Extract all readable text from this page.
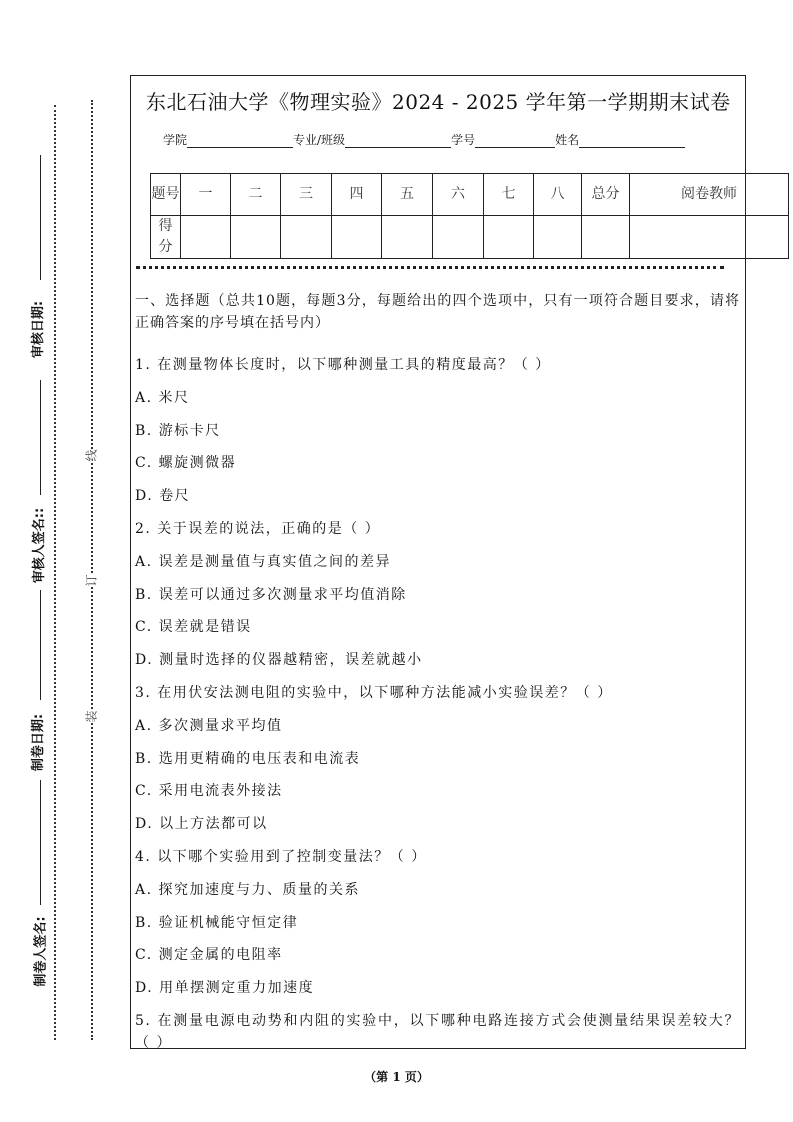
审核日期:
审核人签名::
制卷日期:
制卷人签名:
线
订
装
东北石油大学《物理实验》2024 - 2025 学年第一学期期末试卷
学院	专业/班级	学号	姓名
题号	一	二	三	四	五	六	七	八	总分	阅卷教师
得分										
一、选择题（总共10题，每题3分，每题给出的四个选项中，只有一项符合题目要求，请将正确答案的序号填在括号内）
1. 在测量物体长度时，以下哪种测量工具的精度最高？（ ）
A. 米尺
B. 游标卡尺
C. 螺旋测微器
D. 卷尺
2. 关于误差的说法，正确的是（ ）
A. 误差是测量值与真实值之间的差异
B. 误差可以通过多次测量求平均值消除
C. 误差就是错误
D. 测量时选择的仪器越精密，误差就越小
3. 在用伏安法测电阻的实验中，以下哪种方法能减小实验误差？（ ）
A. 多次测量求平均值
B. 选用更精确的电压表和电流表
C. 采用电流表外接法
D. 以上方法都可以
4. 以下哪个实验用到了控制变量法？（ ）
A. 探究加速度与力、质量的关系
B. 验证机械能守恒定律
C. 测定金属的电阻率
D. 用单摆测定重力加速度
5. 在测量电源电动势和内阻的实验中，以下哪种电路连接方式会使测量结果误差较大？（ ）
（第 1 页）
